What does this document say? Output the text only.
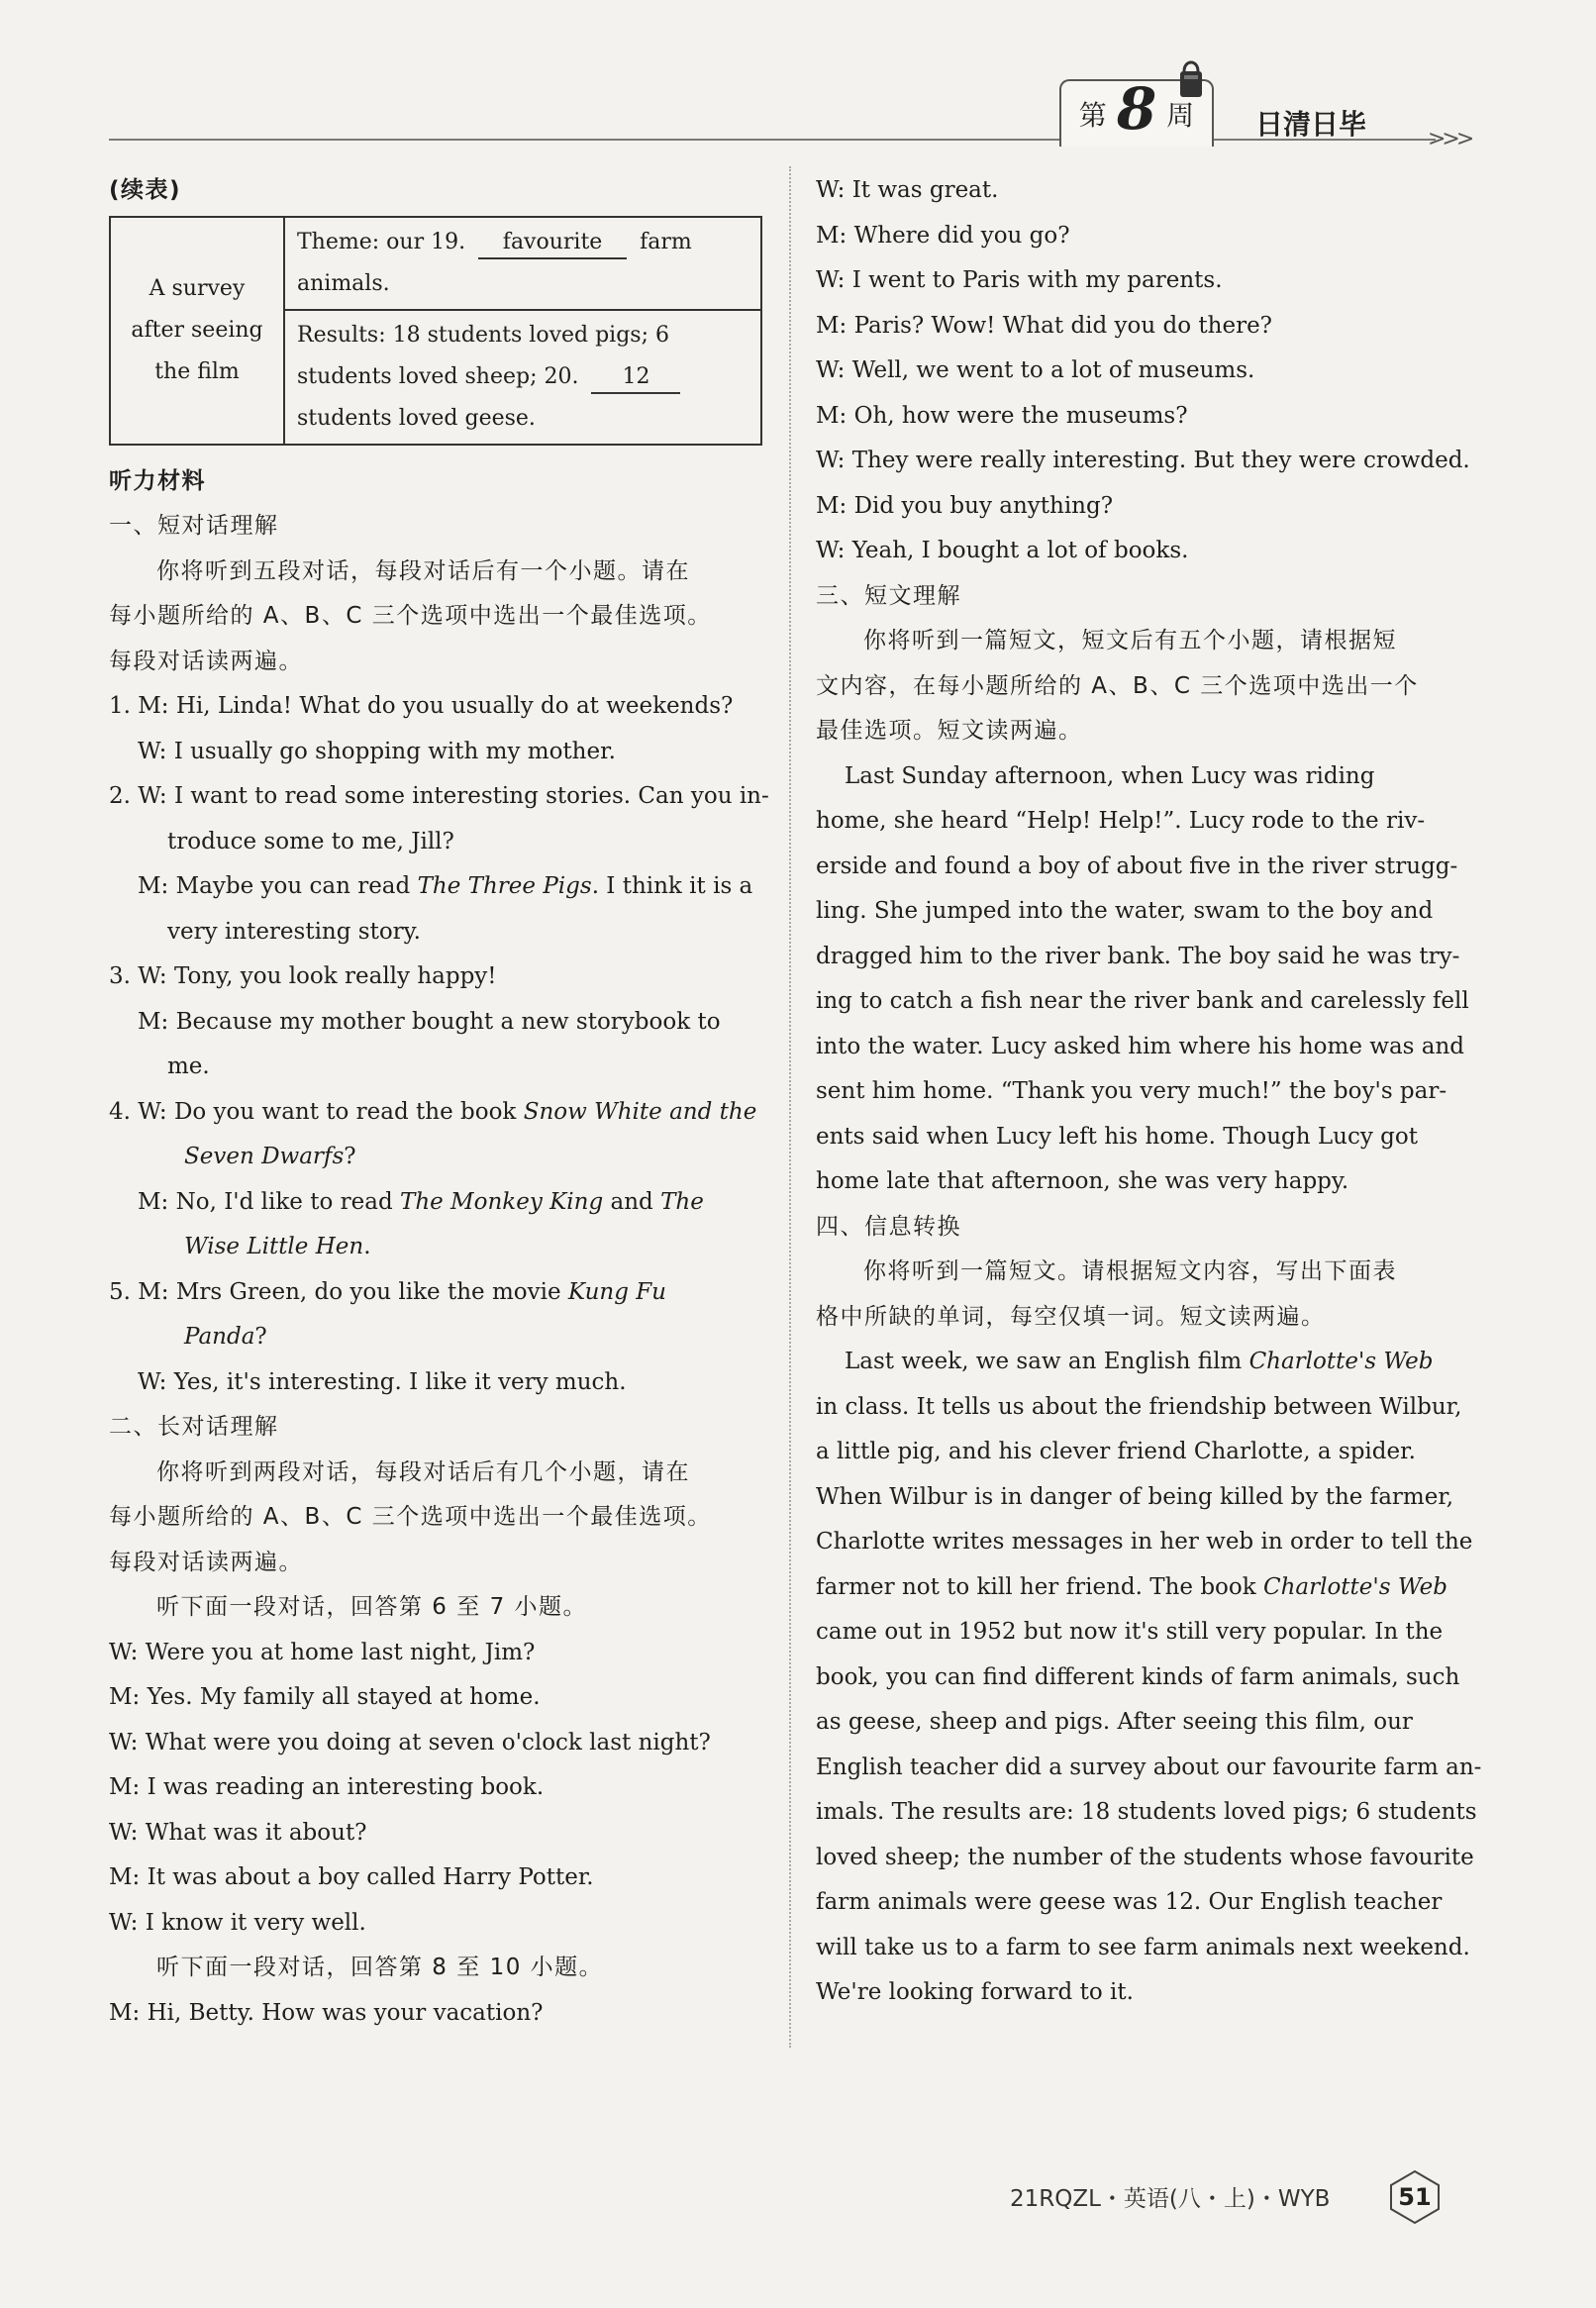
第 8 周 日清日毕	>>>
(续表)
A survey after seeing the film	Theme: our 19. favourite farm animals.
Results: 18 students loved pigs; 6 students loved sheep; 20. 12 students loved geese.
听力材料
一、短对话理解
你将听到五段对话，每段对话后有一个小题。请在
每小题所给的 A、B、C 三个选项中选出一个最佳选项。
每段对话读两遍。
1. M: Hi, Linda! What do you usually do at weekends?
W: I usually go shopping with my mother.
2. W: I want to read some interesting stories. Can you in-
troduce some to me, Jill?
M: Maybe you can read The Three Pigs. I think it is a
very interesting story.
3. W: Tony, you look really happy!
M: Because my mother bought a new storybook to
me.
4. W: Do you want to read the book Snow White and the
Seven Dwarfs?
M: No, I'd like to read The Monkey King and The
Wise Little Hen.
5. M: Mrs Green, do you like the movie Kung Fu
Panda?
W: Yes, it's interesting. I like it very much.
二、长对话理解
你将听到两段对话，每段对话后有几个小题，请在
每小题所给的 A、B、C 三个选项中选出一个最佳选项。
每段对话读两遍。
听下面一段对话，回答第 6 至 7 小题。
W: Were you at home last night, Jim?
M: Yes. My family all stayed at home.
W: What were you doing at seven o'clock last night?
M: I was reading an interesting book.
W: What was it about?
M: It was about a boy called Harry Potter.
W: I know it very well.
听下面一段对话，回答第 8 至 10 小题。
M: Hi, Betty. How was your vacation?
W: It was great.
M: Where did you go?
W: I went to Paris with my parents.
M: Paris? Wow! What did you do there?
W: Well, we went to a lot of museums.
M: Oh, how were the museums?
W: They were really interesting. But they were crowded.
M: Did you buy anything?
W: Yeah, I bought a lot of books.
三、短文理解
你将听到一篇短文，短文后有五个小题，请根据短
文内容，在每小题所给的 A、B、C 三个选项中选出一个
最佳选项。短文读两遍。
Last Sunday afternoon, when Lucy was riding
home, she heard “Help! Help!”. Lucy rode to the riv-
erside and found a boy of about five in the river strugg-
ling. She jumped into the water, swam to the boy and
dragged him to the river bank. The boy said he was try-
ing to catch a fish near the river bank and carelessly fell
into the water. Lucy asked him where his home was and
sent him home. “Thank you very much!” the boy's par-
ents said when Lucy left his home. Though Lucy got
home late that afternoon, she was very happy.
四、信息转换
你将听到一篇短文。请根据短文内容，写出下面表
格中所缺的单词，每空仅填一词。短文读两遍。
Last week, we saw an English film Charlotte's Web
in class. It tells us about the friendship between Wilbur,
a little pig, and his clever friend Charlotte, a spider.
When Wilbur is in danger of being killed by the farmer,
Charlotte writes messages in her web in order to tell the
farmer not to kill her friend. The book Charlotte's Web
came out in 1952 but now it's still very popular. In the
book, you can find different kinds of farm animals, such
as geese, sheep and pigs. After seeing this film, our
English teacher did a survey about our favourite farm an-
imals. The results are: 18 students loved pigs; 6 students
loved sheep; the number of the students whose favourite
farm animals were geese was 12. Our English teacher
will take us to a farm to see farm animals next weekend.
We're looking forward to it.
21RQZL・英语(八・上)・WYB	51
